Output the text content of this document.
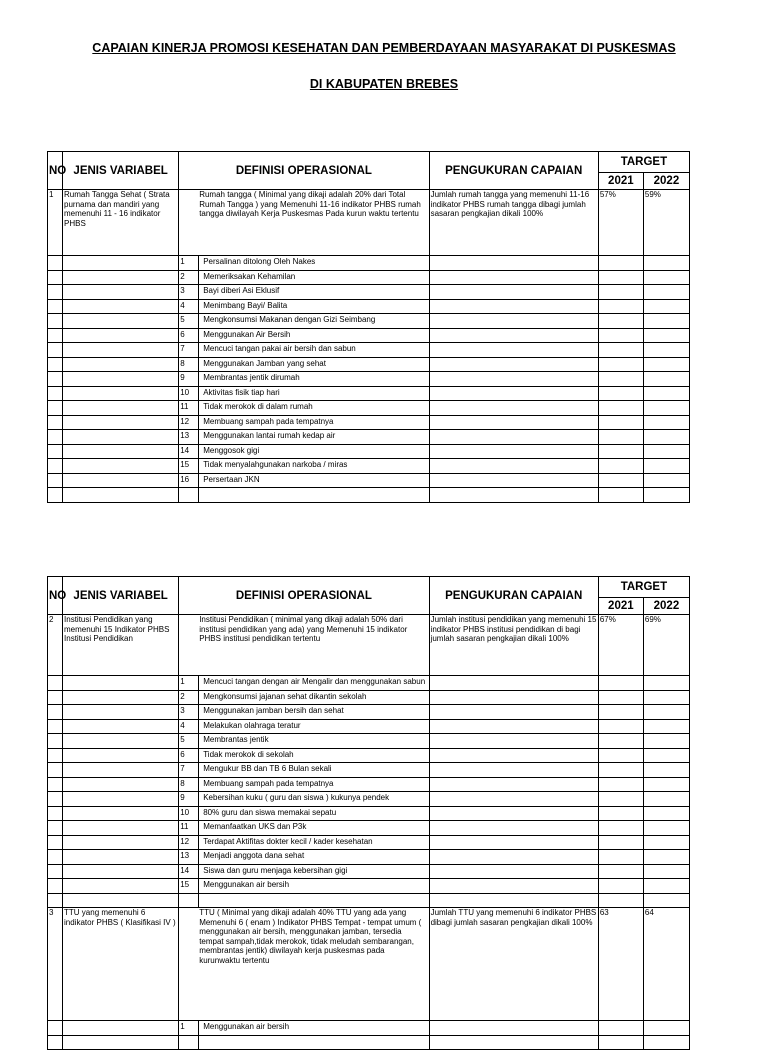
CAPAIAN KINERJA PROMOSI KESEHATAN DAN PEMBERDAYAAN MASYARAKAT DI PUSKESMAS
DI KABUPATEN BREBES
NO	JENIS VARIABEL	DEFINISI OPERASIONAL		PENGUKURAN CAPAIAN	TARGET	
					2021	2022
1	Rumah Tangga Sehat ( Strata purnama dan mandiri yang memenuhi 11 - 16 indikator PHBS	Rumah tangga ( Minimal yang dikaji adalah 20% dari Total Rumah Tangga ) yang Memenuhi 11-16 indikator PHBS rumah tangga diwilayah Kerja Puskesmas Pada kurun waktu tertentu		Jumlah rumah tangga yang memenuhi 11-16 indikator PHBS rumah tangga dibagi jumlah sasaran pengkajian dikali 100%	57%	59%
		1	Persalinan ditolong Oleh Nakes			
		2	Memeriksakan Kehamilan			
		3	Bayi diberi Asi Eklusif			
		4	Menimbang Bayi/ Balita			
		5	Mengkonsumsi Makanan dengan Gizi Seimbang			
		6	Menggunakan Air Bersih			
		7	Mencuci tangan pakai air bersih dan sabun			
		8	Menggunakan Jamban yang sehat			
		9	Membrantas jentik dirumah			
		10	Aktivitas fisik tiap hari			
		11	Tidak merokok di dalam rumah			
		12	Membuang sampah pada tempatnya			
		13	Menggunakan lantai rumah kedap air			
		14	Menggosok gigi			
		15	Tidak menyalahgunakan narkoba / miras			
		16	Persertaan JKN			

NO	JENIS VARIABEL	DEFINISI OPERASIONAL		PENGUKURAN CAPAIAN	TARGET	
					2021	2022
2	Institusi Pendidikan yang memenuhi 15 Indikator PHBS Institusi Pendidikan	Institusi Pendidikan ( minimal yang dikaji adalah 50% dari institusi pendidikan yang ada) yang Memenuhi 15 indikator PHBS institusi pendidikan tertentu		Jumlah institusi pendidikan yang memenuhi 15 indikator PHBS institusi pendidikan di bagi jumlah sasaran pengkajian dikali 100%	67%	69%
		1	Mencuci tangan dengan air Mengalir dan menggunakan sabun			
		2	Mengkonsumsi jajanan sehat dikantin sekolah			
		3	Menggunakan jamban bersih dan sehat			
		4	Melakukan olahraga teratur			
		5	Membrantas jentik			
		6	Tidak merokok di sekolah			
		7	Mengukur BB dan TB 6 Bulan sekali			
		8	Membuang sampah pada tempatnya			
		9	Kebersihan kuku ( guru dan siswa ) kukunya pendek			
		10	80% guru dan siswa memakai sepatu			
		11	Memanfaatkan UKS dan P3k			
		12	Terdapat Aktifitas dokter kecil / kader kesehatan			
		13	Menjadi anggota dana sehat			
		14	Siswa dan guru menjaga kebersihan gigi			
		15	Menggunakan air bersih			

3	TTU yang memenuhi 6 indikator PHBS ( Klasifikasi IV )	TTU ( Minimal yang dikaji adalah 40% TTU yang ada yang Memenuhi 6 ( enam ) Indikator PHBS Tempat - tempat umum ( menggunakan air bersih, menggunakan jamban, tersedia tempat sampah,tidak merokok, tidak meludah sembarangan, membrantas jentik) diwilayah kerja puskesmas pada kurunwaktu tertentu		Jumlah TTU yang memenuhi 6 indikator PHBS dibagi jumlah sasaran pengkajian dikali 100%	63	64
		1	Menggunakan air bersih			
